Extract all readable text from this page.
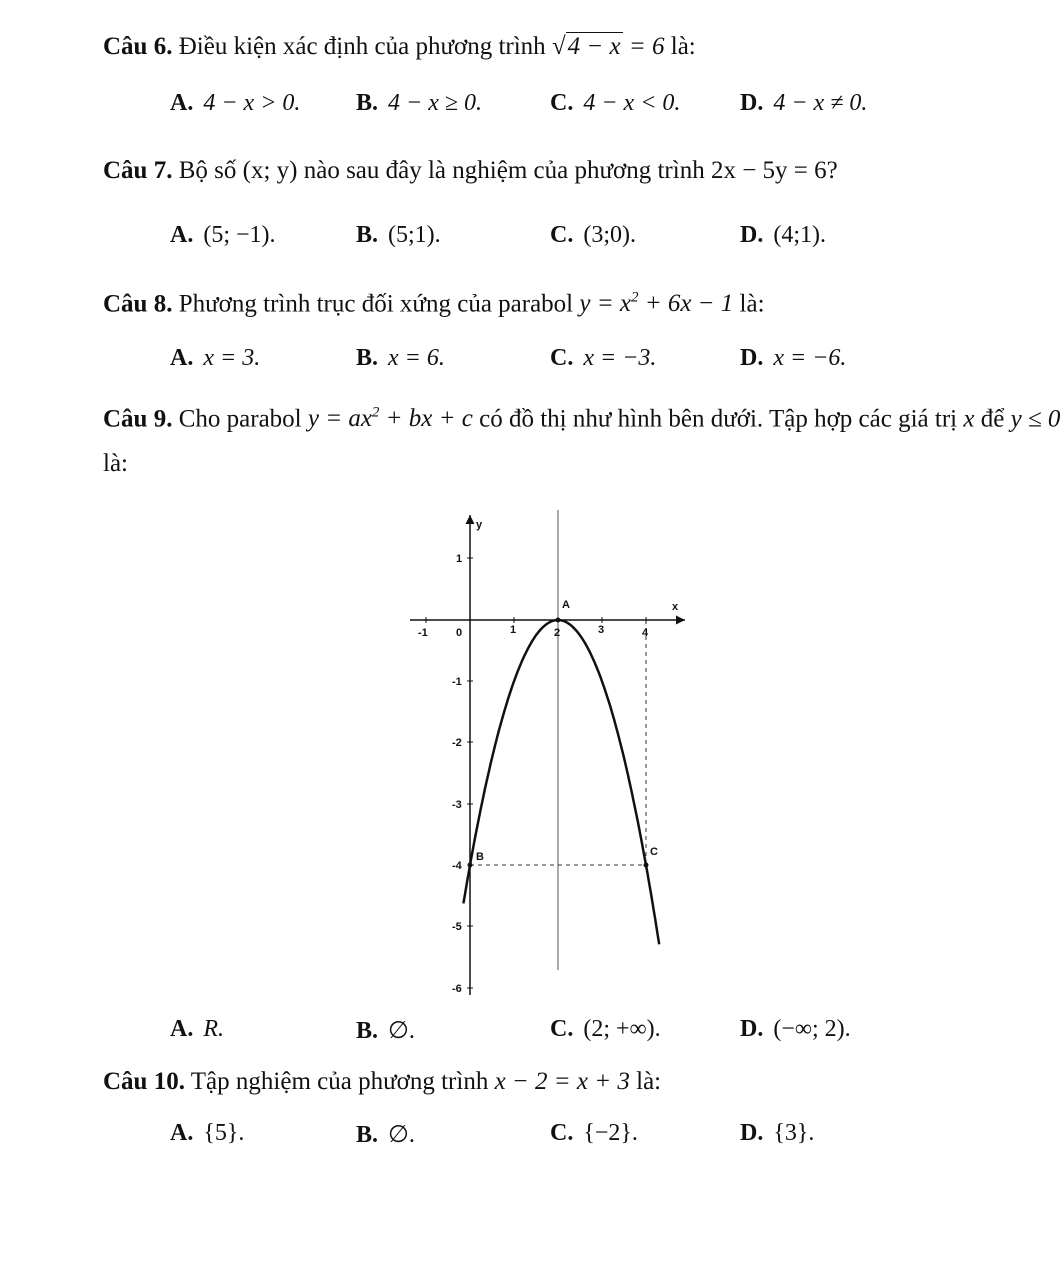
Câu 6. Điều kiện xác định của phương trình √4 − x = 6 là:
A. 4 − x > 0. B. 4 − x ≥ 0.	C. 4 − x < 0. D. 4 − x ≠ 0.
Câu 7. Bộ số (x; y) nào sau đây là nghiệm của phương trình 2x − 5y = 6?
A. (5; −1).	B. (5;1).	C. (3;0).	D. (4;1).
Câu 8. Phương trình trục đối xứng của parabol $y = x^2 + 6x - 1$ là:
A. x = 3.	B. x = 6.	C. x = −3.	D. x = −6.
Câu 9. Cho parabol $y = ax^2$ + bx + c có đồ thị như hình bên dưới. Tập hợp các giá trị x để y ≤ 0
là:
y
x
-1	0	1	2	3	4
1
-1
-2
-3
-4
-5
-6
A
B	C
A. R.	B. ∅.	C. (2; +∞).	D. (−∞; 2).
Câu 10. Tập nghiệm của phương trình x − 2 = x + 3 là:
A. {5}.	B. ∅.	C. {−2}.	D. {3}.
